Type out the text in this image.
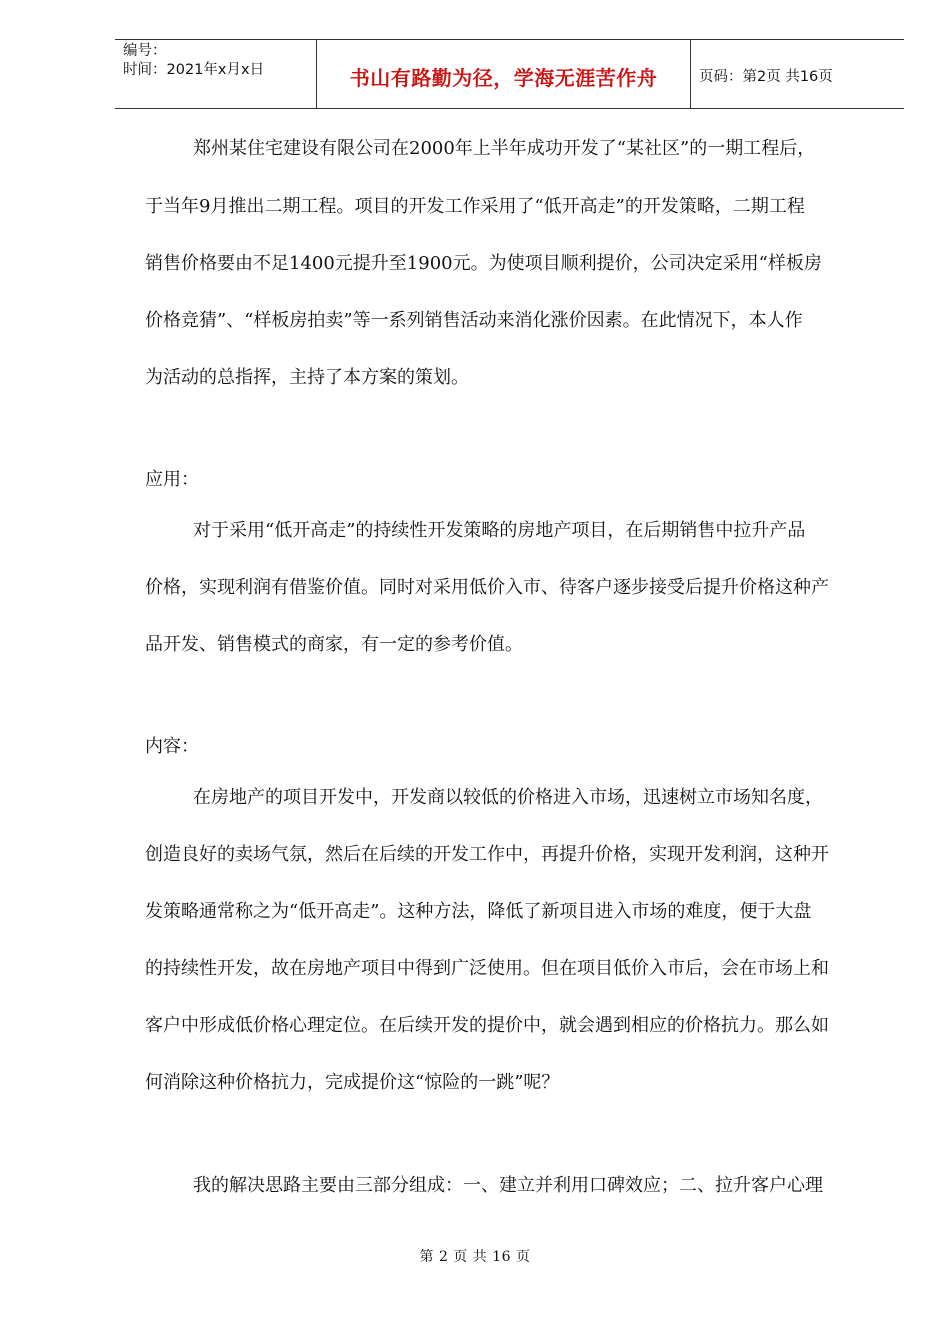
编号：
时间：2021年x月x日	书山有路勤为径，学海无涯苦作舟	页码：第2页 共16页
郑州某住宅建设有限公司在2000年上半年成功开发了“某社区”的一期工程后，
于当年9月推出二期工程。项目的开发工作采用了“低开高走”的开发策略，二期工程
销售价格要由不足1400元提升至1900元。为使项目顺利提价，公司决定采用“样板房
价格竞猜”、“样板房拍卖”等一系列销售活动来消化涨价因素。在此情况下，本人作
为活动的总指挥，主持了本方案的策划。
应用：
对于采用“低开高走”的持续性开发策略的房地产项目，在后期销售中拉升产品
价格，实现利润有借鉴价值。同时对采用低价入市、待客户逐步接受后提升价格这种产
品开发、销售模式的商家，有一定的参考价值。
内容：
在房地产的项目开发中，开发商以较低的价格进入市场，迅速树立市场知名度，
创造良好的卖场气氛，然后在后续的开发工作中，再提升价格，实现开发利润，这种开
发策略通常称之为“低开高走”。这种方法，降低了新项目进入市场的难度，便于大盘
的持续性开发，故在房地产项目中得到广泛使用。但在项目低价入市后，会在市场上和
客户中形成低价格心理定位。在后续开发的提价中，就会遇到相应的价格抗力。那么如
何消除这种价格抗力，完成提价这“惊险的一跳”呢？
我的解决思路主要由三部分组成：一、建立并利用口碑效应；二、拉升客户心理
第 2 页 共 16 页
